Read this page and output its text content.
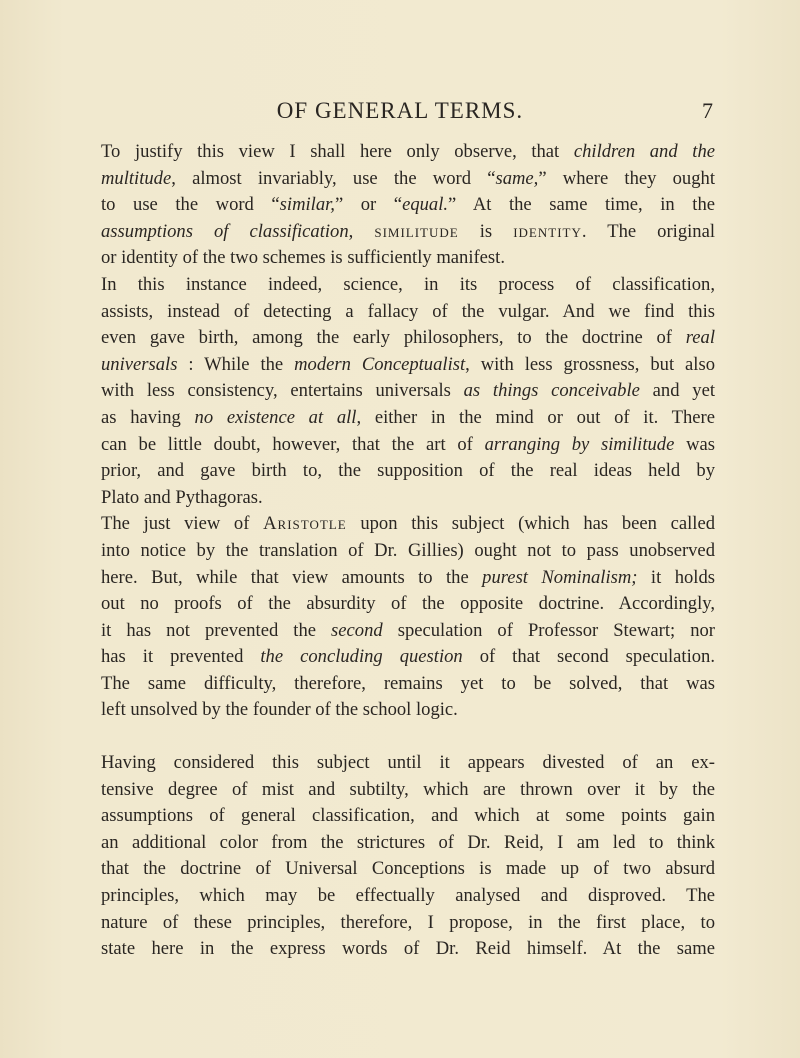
OF GENERAL TERMS.	7

To justify this view I shall here only observe, that children and the
multitude, almost invariably, use the word “same,” where they ought
to use the word “similar,” or “equal.” At the same time, in the
assumptions of classification, similitude is identity. The original
or identity of the two schemes is sufficiently manifest.

In this instance indeed, science, in its process of classification,
assists, instead of detecting a fallacy of the vulgar. And we find this
even gave birth, among the early philosophers, to the doctrine of real
universals : While the modern Conceptualist, with less grossness, but also
with less consistency, entertains universals as things conceivable and yet
as having no existence at all, either in the mind or out of it. There
can be little doubt, however, that the art of arranging by similitude was
prior, and gave birth to, the supposition of the real ideas held by
Plato and Pythagoras.

The just view of Aristotle upon this subject (which has been called
into notice by the translation of Dr. Gillies) ought not to pass unobserved
here. But, while that view amounts to the purest Nominalism; it holds
out no proofs of the absurdity of the opposite doctrine. Accordingly,
it has not prevented the second speculation of Professor Stewart; nor
has it prevented the concluding question of that second speculation.
The same difficulty, therefore, remains yet to be solved, that was
left unsolved by the founder of the school logic.

Having considered this subject until it appears divested of an ex-
tensive degree of mist and subtilty, which are thrown over it by the
assumptions of general classification, and which at some points gain
an additional color from the strictures of Dr. Reid, I am led to think
that the doctrine of Universal Conceptions is made up of two absurd
principles, which may be effectually analysed and disproved. The
nature of these principles, therefore, I propose, in the first place, to
state here in the express words of Dr. Reid himself. At the same
